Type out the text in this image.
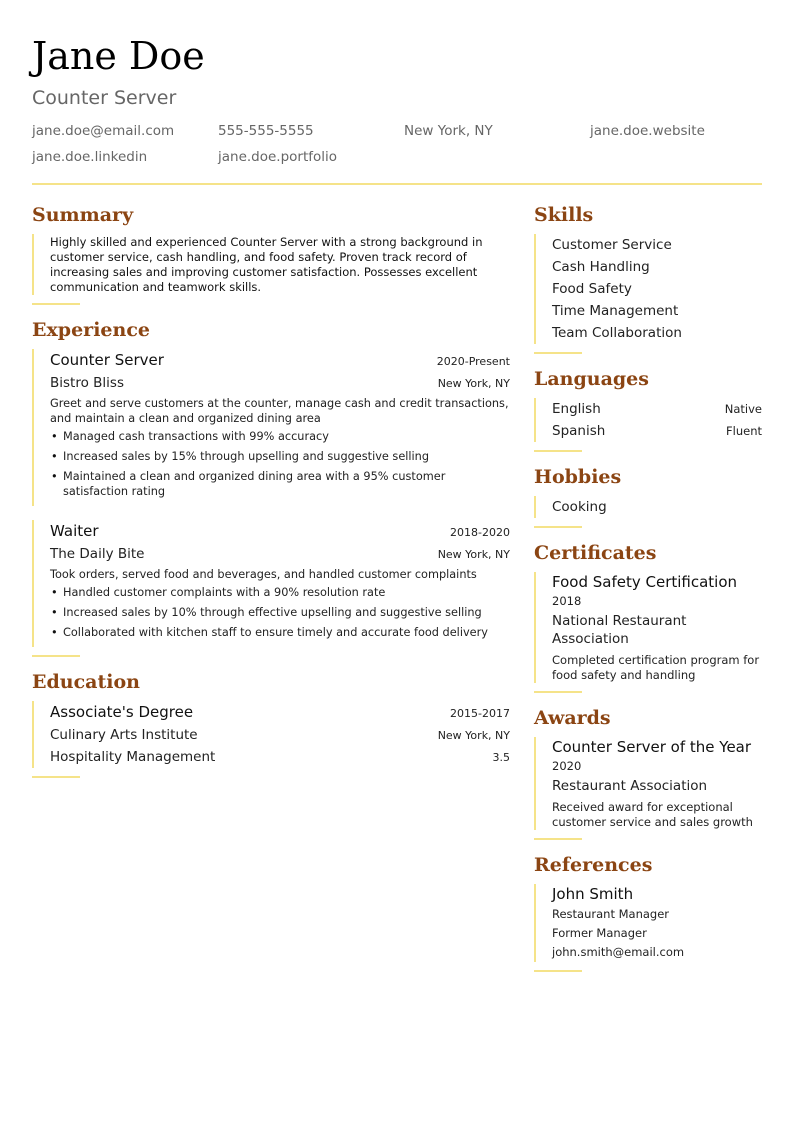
Jane Doe
Counter Server
jane.doe@email.com	555-555-5555	New York, NY	jane.doe.website
jane.doe.linkedin	jane.doe.portfolio
Summary
Highly skilled and experienced Counter Server with a strong background in customer service, cash handling, and food safety. Proven track record of increasing sales and improving customer satisfaction. Possesses excellent communication and teamwork skills.
Experience
Counter Server	2020-Present
Bistro Bliss	New York, NY
Greet and serve customers at the counter, manage cash and credit transactions, and maintain a clean and organized dining area
• Managed cash transactions with 99% accuracy
• Increased sales by 15% through upselling and suggestive selling
• Maintained a clean and organized dining area with a 95% customer satisfaction rating
Waiter	2018-2020
The Daily Bite	New York, NY
Took orders, served food and beverages, and handled customer complaints
• Handled customer complaints with a 90% resolution rate
• Increased sales by 10% through effective upselling and suggestive selling
• Collaborated with kitchen staff to ensure timely and accurate food delivery
Education
Associate's Degree	2015-2017
Culinary Arts Institute	New York, NY
Hospitality Management	3.5
Skills
Customer Service
Cash Handling
Food Safety
Time Management
Team Collaboration
Languages
English	Native
Spanish	Fluent
Hobbies
Cooking
Certificates
Food Safety Certification
2018
National Restaurant Association
Completed certification program for food safety and handling
Awards
Counter Server of the Year
2020
Restaurant Association
Received award for exceptional customer service and sales growth
References
John Smith
Restaurant Manager
Former Manager
john.smith@email.com
